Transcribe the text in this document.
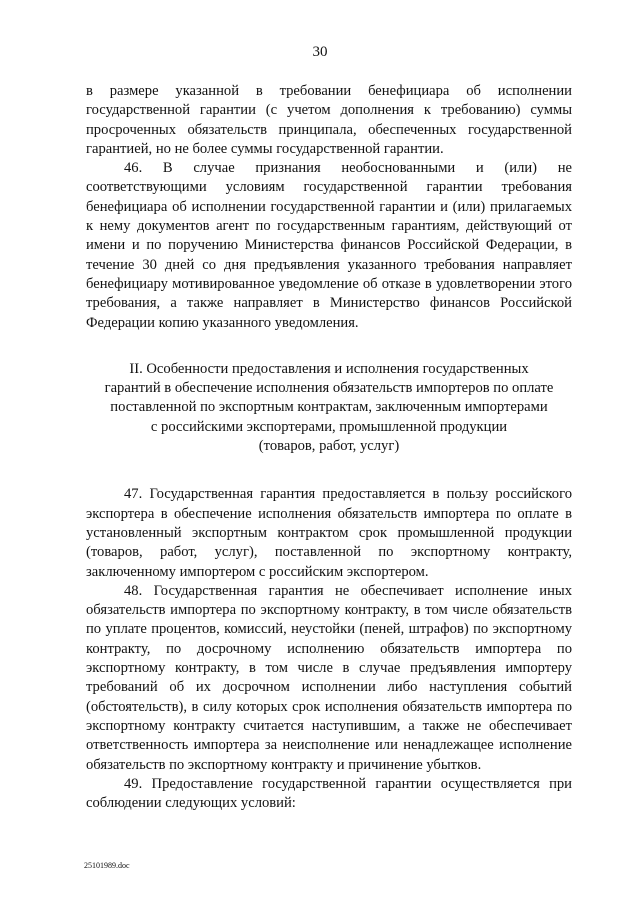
30

в размере указанной в требовании бенефициара об исполнении государственной гарантии (с учетом дополнения к требованию) суммы просроченных обязательств принципала, обеспеченных государственной гарантией, но не более суммы государственной гарантии.

46. В случае признания необоснованными и (или) не соответствующими условиям государственной гарантии требования бенефициара об исполнении государственной гарантии и (или) прилагаемых к нему документов агент по государственным гарантиям, действующий от имени и по поручению Министерства финансов Российской Федерации, в течение 30 дней со дня предъявления указанного требования направляет бенефициару мотивированное уведомление об отказе в удовлетворении этого требования, а также направляет в Министерство финансов Российской Федерации копию указанного уведомления.

II. Особенности предоставления и исполнения государственных
гарантий в обеспечение исполнения обязательств импортеров по оплате
поставленной по экспортным контрактам, заключенным импортерами
с российскими экспортерами, промышленной продукции
(товаров, работ, услуг)

47. Государственная гарантия предоставляется в пользу российского экспортера в обеспечение исполнения обязательств импортера по оплате в установленный экспортным контрактом срок промышленной продукции (товаров, работ, услуг), поставленной по экспортному контракту, заключенному импортером с российским экспортером.

48. Государственная гарантия не обеспечивает исполнение иных обязательств импортера по экспортному контракту, в том числе обязательств по уплате процентов, комиссий, неустойки (пеней, штрафов) по экспортному контракту, по досрочному исполнению обязательств импортера по экспортному контракту, в том числе в случае предъявления импортеру требований об их досрочном исполнении либо наступления событий (обстоятельств), в силу которых срок исполнения обязательств импортера по экспортному контракту считается наступившим, а также не обеспечивает ответственность импортера за неисполнение или ненадлежащее исполнение обязательств по экспортному контракту и причинение убытков.

49. Предоставление государственной гарантии осуществляется при соблюдении следующих условий:

25101989.doc
